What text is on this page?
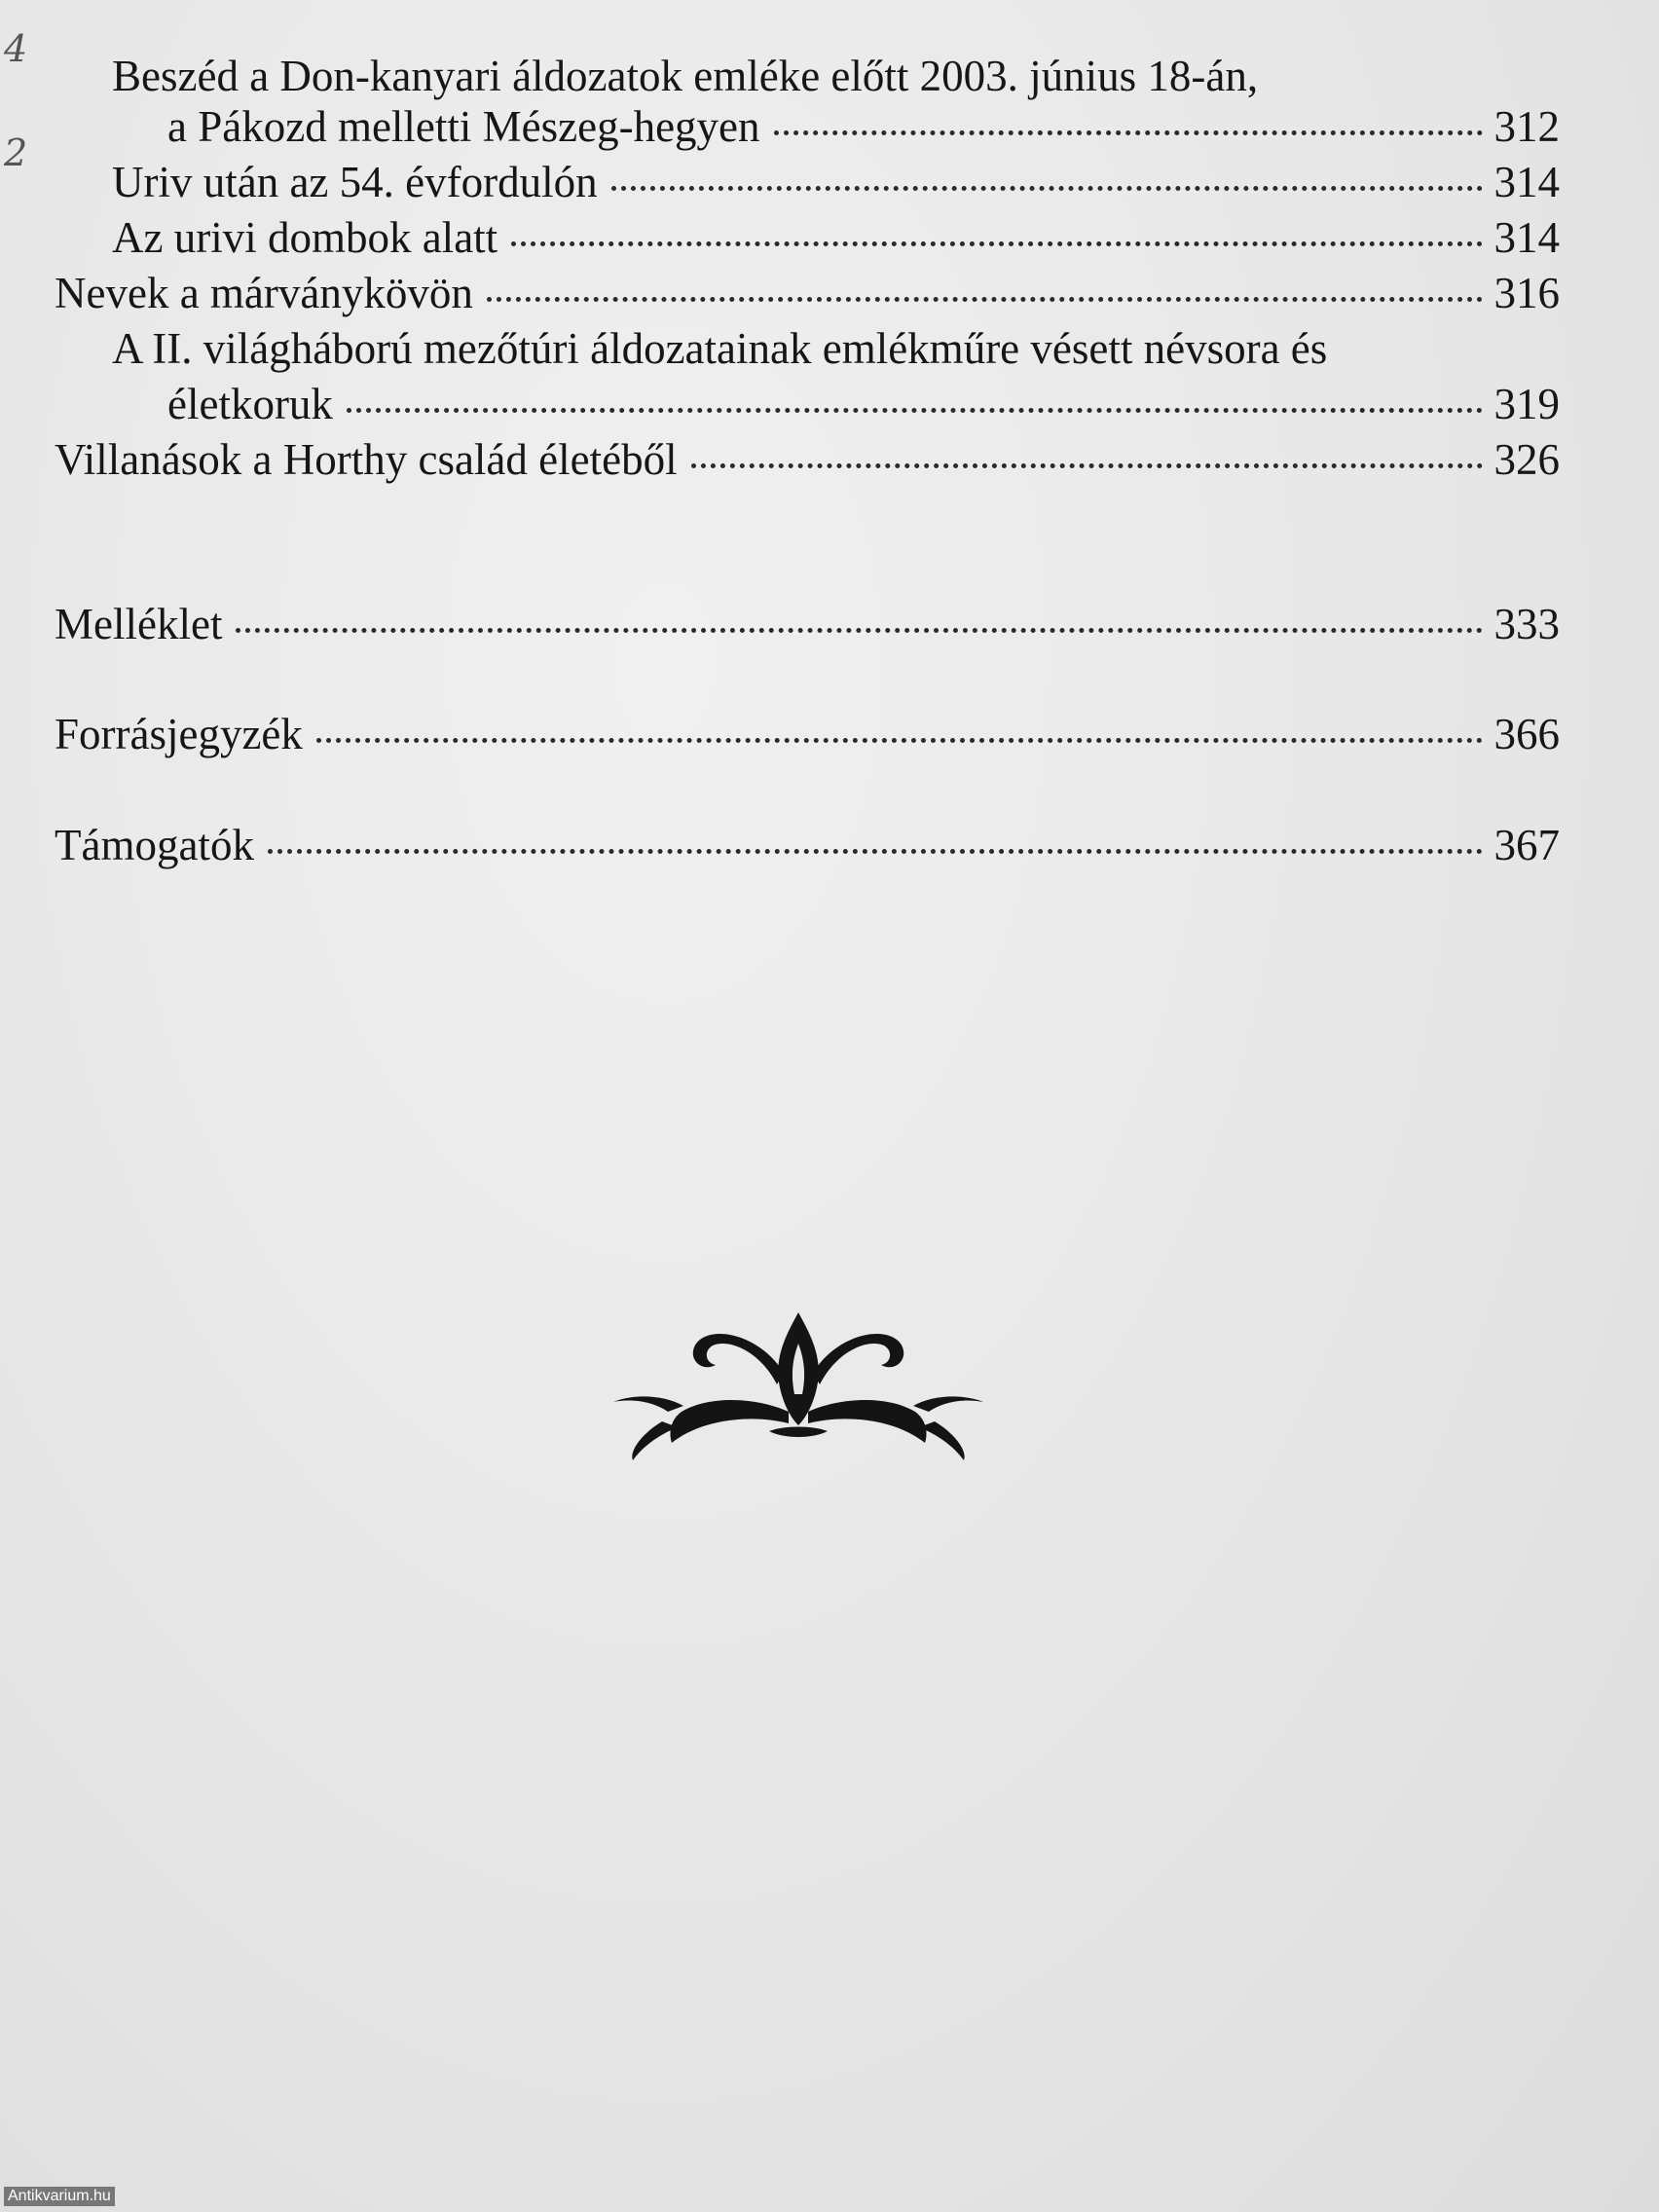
4
2
Beszéd a Don-kanyari áldozatok emléke előtt 2003. június 18-án,
a Pákozd melletti Mészeg-hegyen	312
Uriv után az 54. évfordulón	314
Az urivi dombok alatt	314
Nevek a márványkövön	316
A II. világháború mezőtúri áldozatainak emlékműre vésett névsora és
életkoruk	319
Villanások a Horthy család életéből	326
Melléklet	333
Forrásjegyzék	366
Támogatók	367
Antikvarium.hu
